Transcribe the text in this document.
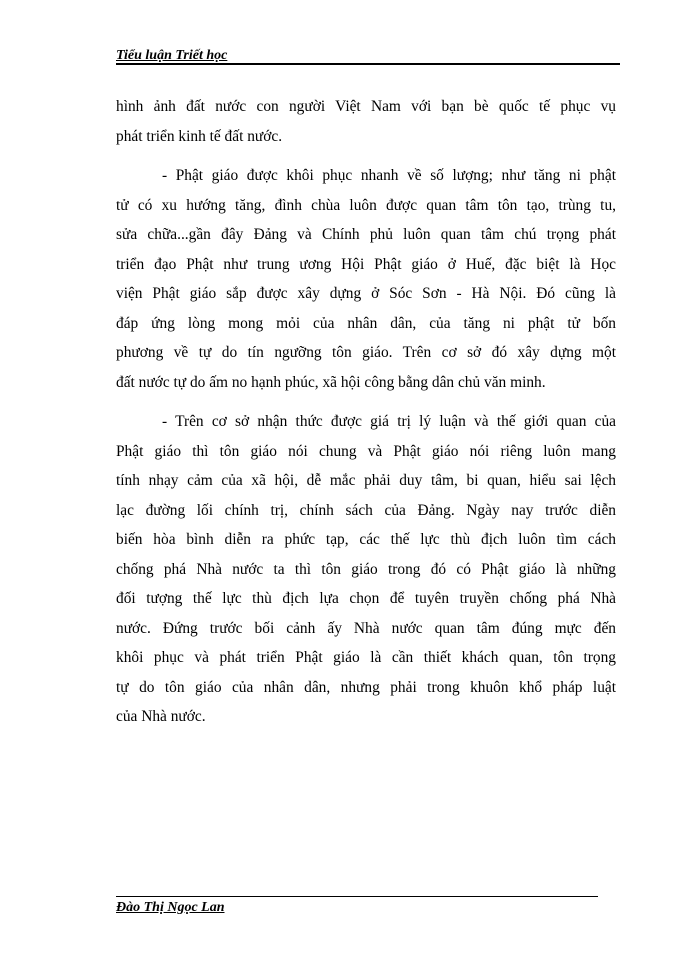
Tiểu luận Triết học

hình ảnh đất nước con người Việt Nam với bạn bè quốc tế phục vụ
phát triển kinh tế đất nước.

- Phật giáo được khôi phục nhanh về số lượng; như tăng ni phật
tử có xu hướng tăng, đình chùa luôn được quan tâm tôn tạo, trùng tu,
sửa chữa...gần đây Đảng và Chính phủ luôn quan tâm chú trọng phát
triển đạo Phật như trung ương Hội Phật giáo ở Huế, đặc biệt là Học
viện Phật giáo sắp được xây dựng ở Sóc Sơn - Hà Nội. Đó cũng là
đáp ứng lòng mong mỏi của nhân dân, của tăng ni phật tử bốn
phương về tự do tín ngưỡng tôn giáo. Trên cơ sở đó xây dựng một
đất nước tự do ấm no hạnh phúc, xã hội công bằng dân chủ văn minh.

- Trên cơ sở nhận thức được giá trị lý luận và thế giới quan của
Phật giáo thì tôn giáo nói chung và Phật giáo nói riêng luôn mang
tính nhạy cảm của xã hội, dễ mắc phải duy tâm, bi quan, hiểu sai lệch
lạc đường lối chính trị, chính sách của Đảng. Ngày nay trước diễn
biến hòa bình diễn ra phức tạp, các thế lực thù địch luôn tìm cách
chống phá Nhà nước ta thì tôn giáo trong đó có Phật giáo là những
đối tượng thế lực thù địch lựa chọn để tuyên truyền chống phá Nhà
nước. Đứng trước bối cảnh ấy Nhà nước quan tâm đúng mực đến
khôi phục và phát triển Phật giáo là cần thiết khách quan, tôn trọng
tự do tôn giáo của nhân dân, nhưng phải trong khuôn khổ pháp luật
của Nhà nước.

Đào Thị Ngọc Lan
